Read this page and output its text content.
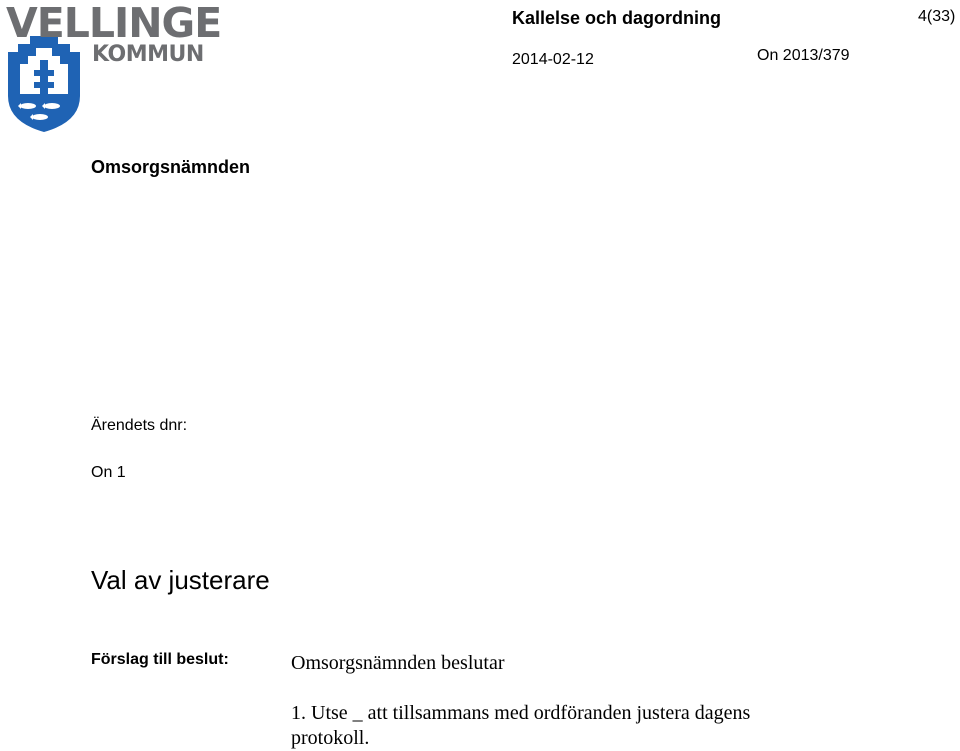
VELLINGE
KOMMUN
Kallelse och dagordning	4(33)
2014-02-12	On 2013/379
Omsorgsnämnden
Ärendets dnr:
On 1
Val av justerare
Förslag till beslut:	Omsorgsnämnden beslutar
1. Utse _ att tillsammans med ordföranden justera dagens protokoll.
